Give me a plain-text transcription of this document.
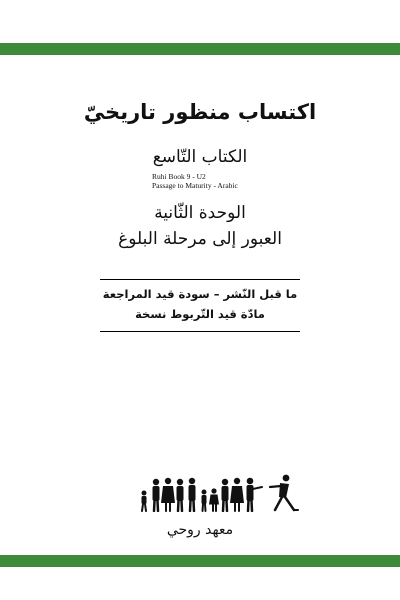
اكتساب منظور تاريخيّ

الكتاب التّاسع

Ruhi Book 9 - U2

Passage to Maturity - Arabic

الوحدة الثّانية

العبور إلى مرحلة البلوغ

ما قبل النّشر – سودة قيد المراجعة

مادّة قيد التّربوط نسخة

معهد روحي
